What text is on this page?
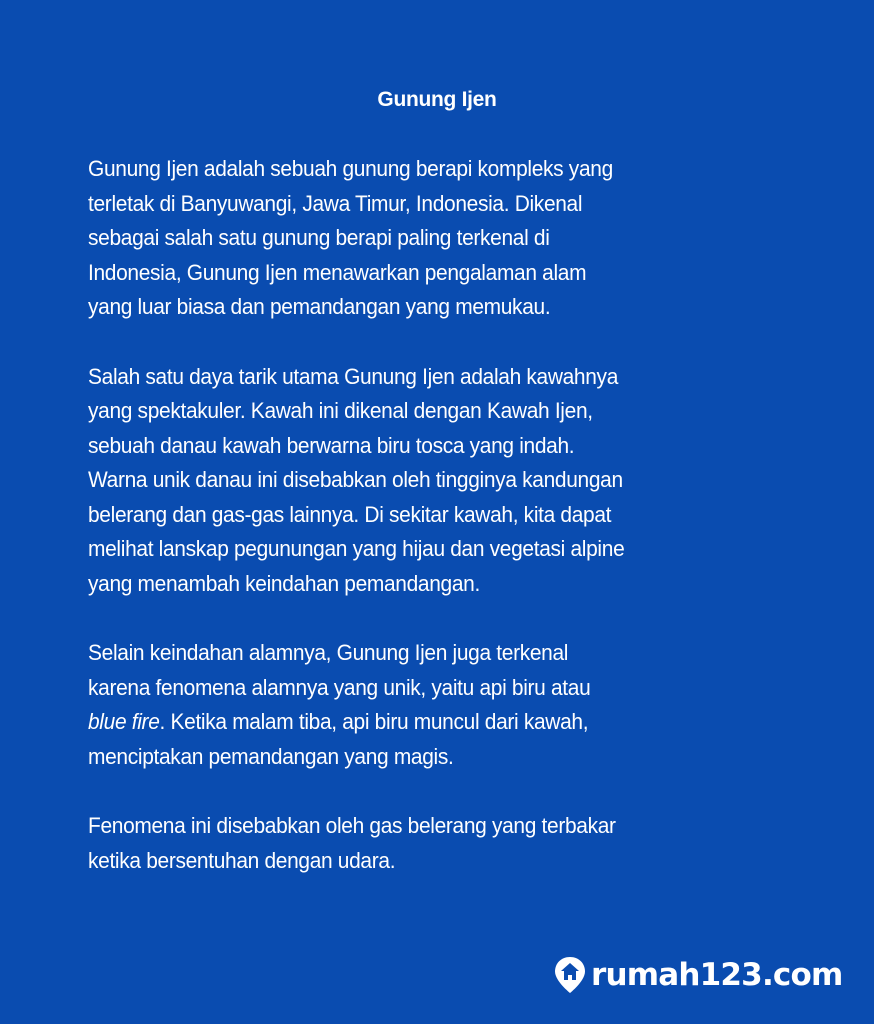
Gunung Ijen

Gunung Ijen adalah sebuah gunung berapi kompleks yang
terletak di Banyuwangi, Jawa Timur, Indonesia. Dikenal
sebagai salah satu gunung berapi paling terkenal di
Indonesia, Gunung Ijen menawarkan pengalaman alam
yang luar biasa dan pemandangan yang memukau.

Salah satu daya tarik utama Gunung Ijen adalah kawahnya
yang spektakuler. Kawah ini dikenal dengan Kawah Ijen,
sebuah danau kawah berwarna biru tosca yang indah.
Warna unik danau ini disebabkan oleh tingginya kandungan
belerang dan gas-gas lainnya. Di sekitar kawah, kita dapat
melihat lanskap pegunungan yang hijau dan vegetasi alpine
yang menambah keindahan pemandangan.

Selain keindahan alamnya, Gunung Ijen juga terkenal
karena fenomena alamnya yang unik, yaitu api biru atau
blue fire. Ketika malam tiba, api biru muncul dari kawah,
menciptakan pemandangan yang magis.

Fenomena ini disebabkan oleh gas belerang yang terbakar
ketika bersentuhan dengan udara.

rumah123.com
